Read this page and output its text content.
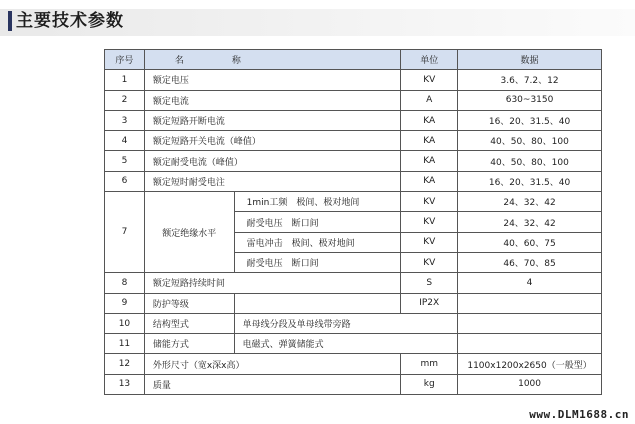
主要技术参数
序号	名 称		单位	数据
1	额定电压		KV	3.6、7.2、12
2	额定电流		A	630~3150
3	额定短路开断电流		KA	16、20、31.5、40
4	额定短路开关电流（峰值）		KA	40、50、80、100
5	额定耐受电流（峰值）		KA	40、50、80、100
6	额定短时耐受电注		KA	16、20、31.5、40
7	额定绝缘水平	1min工频　极间、极对地间	KV	24、32、42
		耐受电压　断口间	KV	24、32、42
		雷电冲击　极间、极对地间	KV	40、60、75
		耐受电压　断口间	KV	46、70、85
8	额定短路持续时间		S	4
9	防护等级		IP2X	
10	结构型式	单母线分段及单母线带旁路		
11	储能方式	电磁式、弹簧储能式		
12	外形尺寸（宽x深x高）		mm	1100x1200x2650（一般型）
13	质量		kg	1000
www.DLM1688.cn
